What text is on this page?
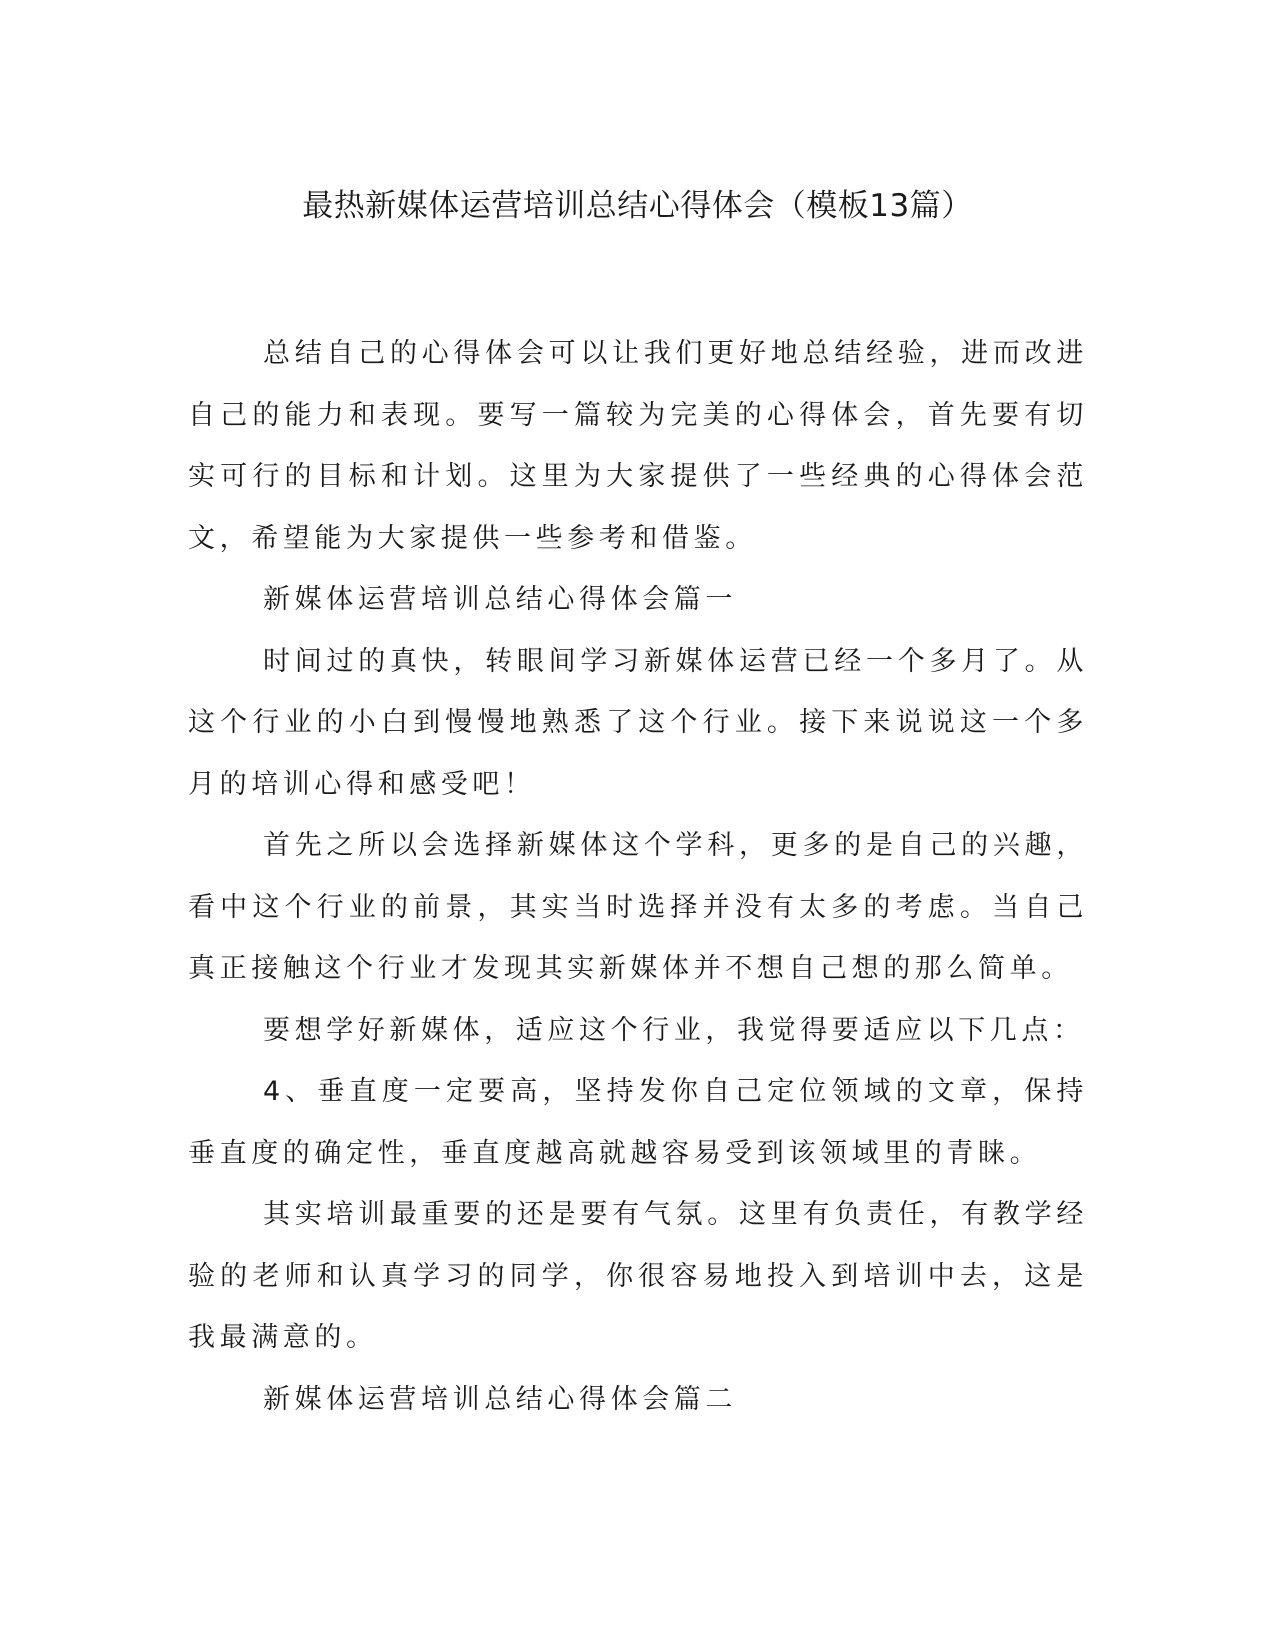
最热新媒体运营培训总结心得体会（模板13篇）

总结自己的心得体会可以让我们更好地总结经验，进而改进自己的能力和表现。要写一篇较为完美的心得体会，首先要有切实可行的目标和计划。这里为大家提供了一些经典的心得体会范文，希望能为大家提供一些参考和借鉴。

新媒体运营培训总结心得体会篇一

时间过的真快，转眼间学习新媒体运营已经一个多月了。从这个行业的小白到慢慢地熟悉了这个行业。接下来说说这一个多月的培训心得和感受吧！

首先之所以会选择新媒体这个学科，更多的是自己的兴趣，看中这个行业的前景，其实当时选择并没有太多的考虑。当自己真正接触这个行业才发现其实新媒体并不想自己想的那么简单。

要想学好新媒体，适应这个行业，我觉得要适应以下几点：

4、垂直度一定要高，坚持发你自己定位领域的文章，保持垂直度的确定性，垂直度越高就越容易受到该领域里的青睐。

其实培训最重要的还是要有气氛。这里有负责任，有教学经验的老师和认真学习的同学，你很容易地投入到培训中去，这是我最满意的。

新媒体运营培训总结心得体会篇二
